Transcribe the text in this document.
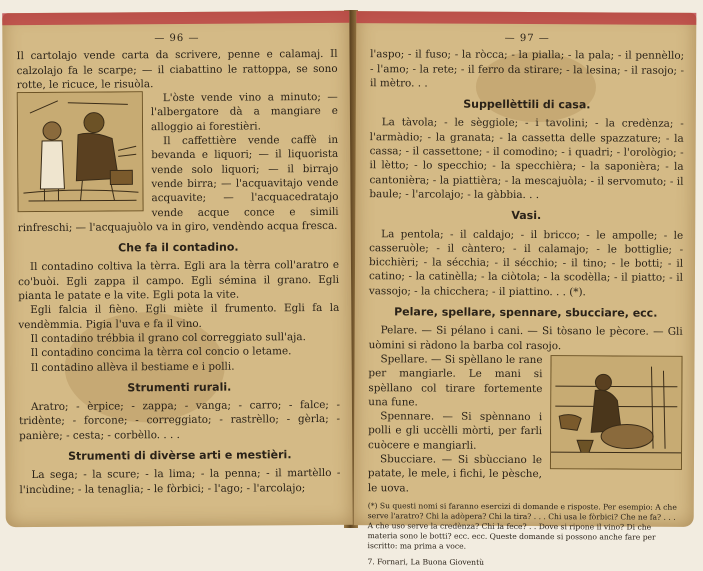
— 96 —

Il cartolajo vende carta da scrivere, penne e calamaj. Il calzolajo fa le scarpe; — il ciabattino le rattoppa, se sono rotte, le ricuce, le risuòla.

L'òste vende vino a minuto; — l'albergatore dà a mangiare e alloggio ai forestièri.

Il caffettière vende caffè in bevanda e liquori; — il liquorista vende solo liquori; — il birrajo vende birra; — l'acquavitajo vende acquavite; — l'acquacedratajo vende acque conce e simili rinfreschi; — l'acquajuòlo va in giro, vendèndo acqua fresca.

Che fa il contadino.

Il contadino coltiva la tèrra. Egli ara la tèrra coll'aratro e co'buòi. Egli zappa il campo. Egli sémina il grano. Egli pianta le patate e la vite. Egli pota la vite.

Egli falcia il fièno. Egli miète il frumento. Egli fa la vendèmmia. Pigia l'uva e fa il vino.

Il contadino trébbia il grano col correggiato sull'aja.

Il contadino concima la tèrra col concio o letame.

Il contadino allèva il bestiame e i polli.

Strumenti rurali.

Aratro; - èrpice; - zappa; - vanga; - carro; - falce; - tridènte; - forcone; - correggiato; - rastrèllo; - gèrla; - panière; - cesta; - corbèllo. . . .

Strumenti di divèrse arti e mestièri.

La sega; - la scure; - la lima; - la penna; - il martèllo - l'incùdine; - la tenaglia; - le fòrbici; - l'ago; - l'arcolajo;

— 97 —

l'aspo; - il fuso; - la ròcca; - la pialla; - la pala; - il pennèllo; - l'amo; - la rete; - il ferro da stirare; - la lesina; - il rasojo; - il mètro. . .

Suppellèttili di casa.

La tàvola; - le sèggiole; - i tavolini; - la credènza; - l'armàdio; - la granata; - la cassetta delle spazzature; - la cassa; - il cassettone; - il comodino; - i quadri; - l'orològio; - il lètto; - lo specchio; - la specchièra; - la saponièra; - la cantonièra; - la piattièra; - la mescajuòla; - il servomuto; - il baule; - l'arcolajo; - la gàbbia. . .

Vasi.

La pentola; - il caldajo; - il bricco; - le ampolle; - le casseruòle; - il càntero; - il calamajo; - le bottiglie; - bicchièri; - la sécchia; - il sécchio; - il tino; - le botti; - il catino; - la catinèlla; - la ciòtola; - la scodèlla; - il piatto; - il vassojo; - la chicchera; - il piattino. . . (*).

Pelare, spellare, spennare, sbucciare, ecc.

Pelare. — Si pélano i cani. — Si tòsano le pècore. — Gli uòmini si ràdono la barba col rasojo.

Spellare. — Si spèllano le rane per mangiarle. Le mani si spèllano col tirare fortemente una fune.

Spennare. — Si spènnano i polli e gli uccèlli mòrti, per farli cuòcere e mangiarli.

Sbucciare. — Si sbùcciano le patate, le mele, i fichi, le pèsche, le uova.

(*) Su questi nomi si faranno esercizi di domande e risposte. Per esempio: A che serve l'aratro? Chi la adòpera? Chi la tira? . . . Chi usa le fòrbici? Che ne fa? . . . A che uso serve la credènza? Chi la fece? . . Dove si ripone il vino? Di che materia sono le botti? ecc. ecc. Queste domande si possono anche fare per iscritto: ma prima a voce.
7. Fornari, La Buona Gioventù
